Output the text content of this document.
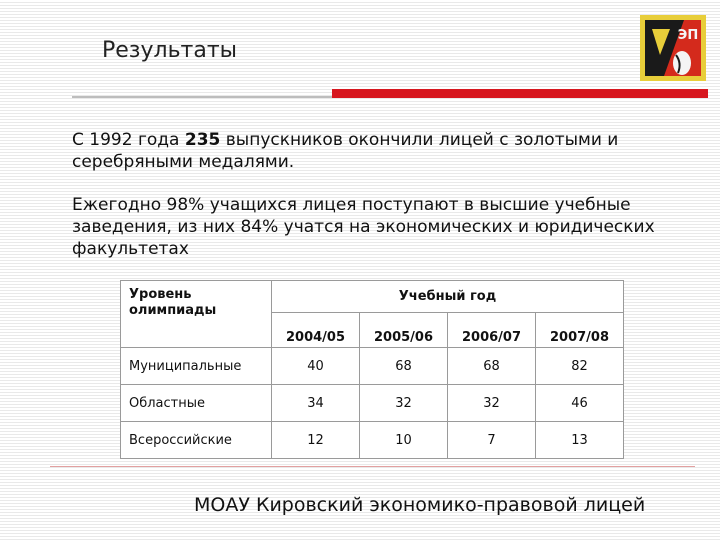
Результаты
ЭП
С 1992 года 235 выпускников окончили лицей с золотыми и серебряными медалями.
Ежегодно 98% учащихся лицея поступают в высшие учебные заведения, из них 84% учатся на экономических и юридических факультетах
Уровень олимпиады	Учебный год			
	2004/05	2005/06	2006/07	2007/08
Муниципальные	40	68	68	82
Областные	34	32	32	46
Всероссийские	12	10	7	13
МОАУ Кировский экономико-правовой лицей
